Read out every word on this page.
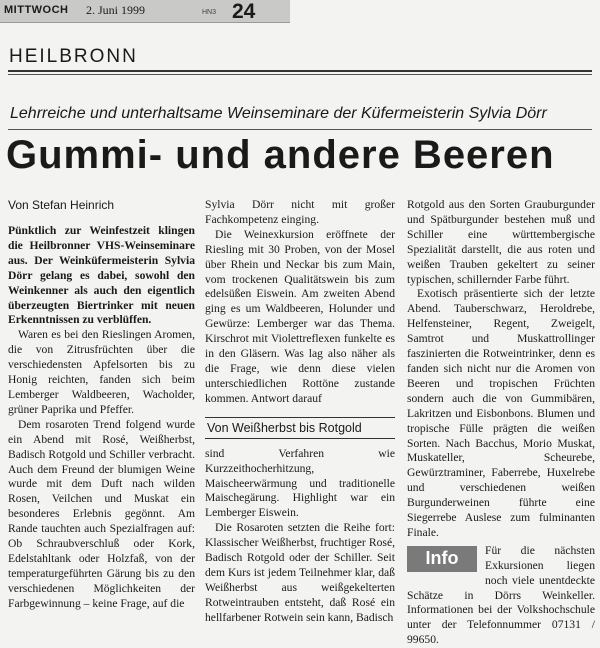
MITTWOCH 2. Juni 1999	HN3 24
HEILBRONN
Lehrreiche und unterhaltsame Weinseminare der Küfermeisterin Sylvia Dörr
Gummi- und andere Beeren

Von Stefan Heinrich

Pünktlich zur Weinfestzeit klingen die Heilbronner VHS-Weinseminare aus. Der Weinküfermeisterin Sylvia Dörr gelang es dabei, sowohl den Weinkenner als auch den eigentlich überzeugten Biertrinker mit neuen Erkenntnissen zu verblüffen.

Waren es bei den Rieslingen Aromen, die von Zitrusfrüchten über die verschiedensten Apfelsorten bis zu Honig reichten, fanden sich beim Lemberger Waldbeeren, Wacholder, grüner Paprika und Pfeffer.

Dem rosaroten Trend folgend wurde ein Abend mit Rosé, Weißherbst, Badisch Rotgold und Schiller verbracht. Auch dem Freund der blumigen Weine wurde mit dem Duft nach wilden Rosen, Veilchen und Muskat ein besonderes Erlebnis gegönnt. Am Rande tauchten auch Spezialfragen auf: Ob Schraubverschluß oder Kork, Edelstahltank oder Holzfaß, von der temperaturgeführten Gärung bis zu den verschiedenen Möglichkeiten der Farbgewinnung – keine Frage, auf die

Sylvia Dörr nicht mit großer Fachkompetenz einging.

Die Weinexkursion eröffnete der Riesling mit 30 Proben, von der Mosel über Rhein und Neckar bis zum Main, vom trockenen Qualitätswein bis zum edelsüßen Eiswein. Am zweiten Abend ging es um Waldbeeren, Holunder und Gewürze: Lemberger war das Thema. Kirschrot mit Violettreflexen funkelte es in den Gläsern. Was lag also näher als die Frage, wie denn diese vielen unterschiedlichen Rottöne zustande kommen. Antwort darauf

Von Weißherbst bis Rotgold

sind Verfahren wie Kurzzeithocherhitzung, Maischeerwärmung und traditionelle Maischegärung. Highlight war ein Lemberger Eiswein.

Die Rosaroten setzten die Reihe fort: Klassischer Weißherbst, fruchtiger Rosé, Badisch Rotgold oder der Schiller. Seit dem Kurs ist jedem Teilnehmer klar, daß Weißherbst aus weißgekelterten Rotweintrauben entsteht, daß Rosé ein hellfarbener Rotwein sein kann, Badisch

Rotgold aus den Sorten Grauburgunder und Spätburgunder bestehen muß und Schiller eine württembergische Spezialität darstellt, die aus roten und weißen Trauben gekeltert zu seiner typischen, schillernder Farbe führt.

Exotisch präsentierte sich der letzte Abend. Tauberschwarz, Heroldrebe, Helfensteiner, Regent, Zweigelt, Samtrot und Muskattrollinger faszinierten die Rotweintrinker, denn es fanden sich nicht nur die Aromen von Beeren und tropischen Früchten sondern auch die von Gummibären, Lakritzen und Eisbonbons. Blumen und tropische Fülle prägten die weißen Sorten. Nach Bacchus, Morio Muskat, Muskateller, Scheurebe, Gewürztraminer, Faberrebe, Huxelrebe und verschiedenen weißen Burgunderweinen führte eine Siegerrebe Auslese zum fulminanten Finale.

Info	Für die nächsten Exkursionen liegen noch viele unentdeckte Schätze in Dörrs Weinkeller. Informationen bei der Volkshochschule unter der Telefonnummer 07131 / 99650.
